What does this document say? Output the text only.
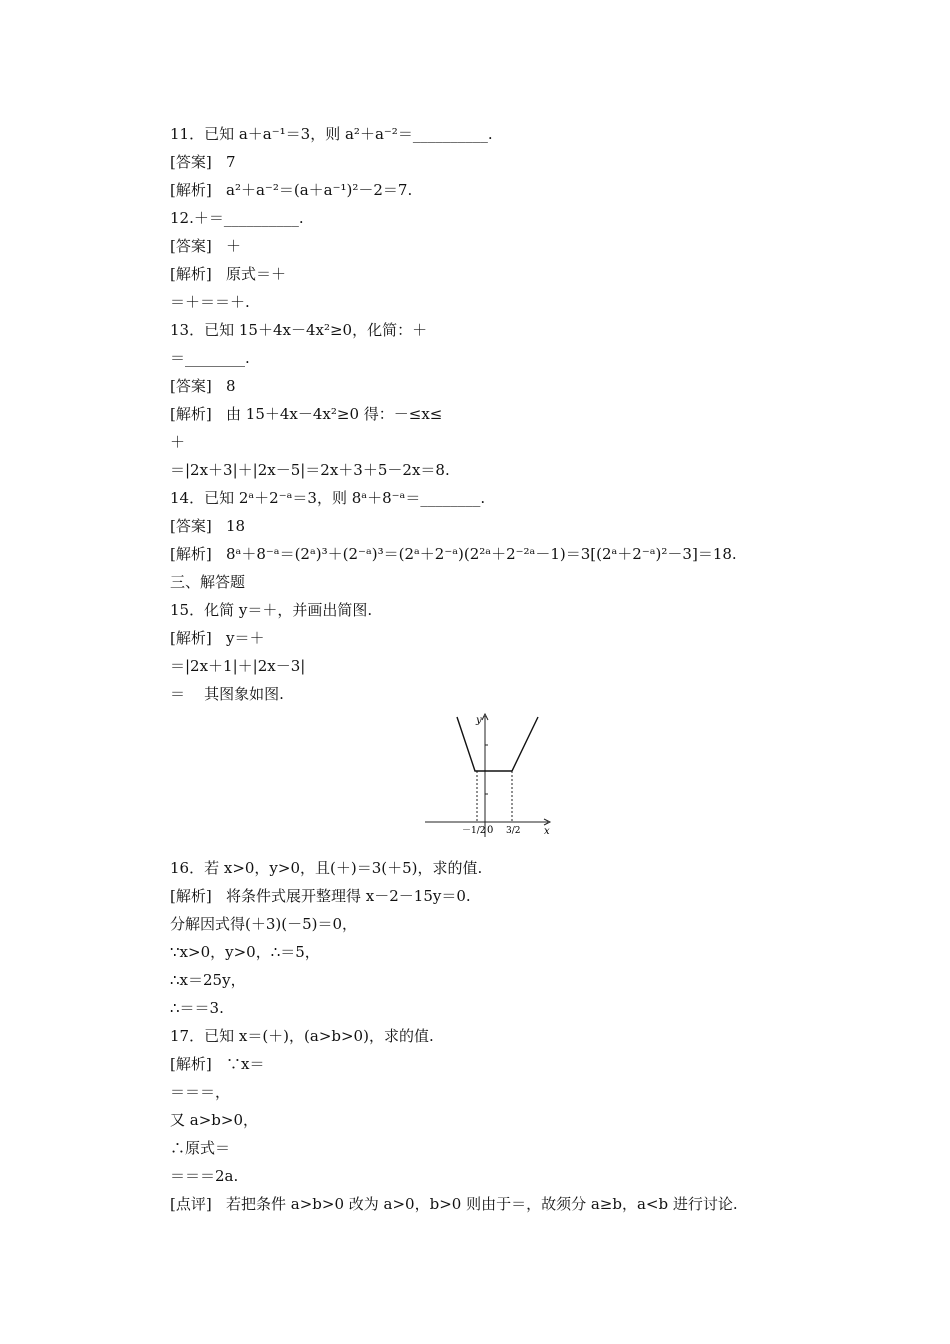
11．已知 a＋a⁻¹＝3，则 a²＋a⁻²＝__________.
[答案]   7
[解析]   a²＋a⁻²＝(a＋a⁻¹)²－2＝7.
12.＋＝__________.
[答案]   ＋
[解析]   原式＝＋
＝＋＝＝＋.
13．已知 15＋4x－4x²≥0，化简：＋
＝________.
[答案]   8
[解析]   由 15＋4x－4x²≥0 得：－≤x≤
＋
＝|2x＋3|＋|2x－5|＝2x＋3＋5－2x＝8.
14．已知 2ᵃ＋2⁻ᵃ＝3，则 8ᵃ＋8⁻ᵃ＝________.
[答案]   18
[解析]   8ᵃ＋8⁻ᵃ＝(2ᵃ)³＋(2⁻ᵃ)³＝(2ᵃ＋2⁻ᵃ)(2²ᵃ＋2⁻²ᵃ－1)＝3[(2ᵃ＋2⁻ᵃ)²－3]＝18.
三、解答题
15．化简 y＝＋，并画出简图.
[解析]   y＝＋
＝|2x＋1|＋|2x－3|
＝    其图象如图.
16．若 x>0，y>0，且(＋)＝3(＋5)，求的值.
[解析]   将条件式展开整理得 x－2－15y＝0.
分解因式得(＋3)(－5)＝0，
∵x>0，y>0，∴＝5，
∴x＝25y，
∴＝＝3.
17．已知 x＝(＋)，(a>b>0)，求的值.
[解析]   ∵x＝
＝＝＝，
又 a>b>0，
∴原式＝
＝＝＝2a.
[点评]   若把条件 a>b>0 改为 a>0，b>0 则由于＝，故须分 a≥b，a<b 进行讨论.
y
x
0
－1/2 3/2
